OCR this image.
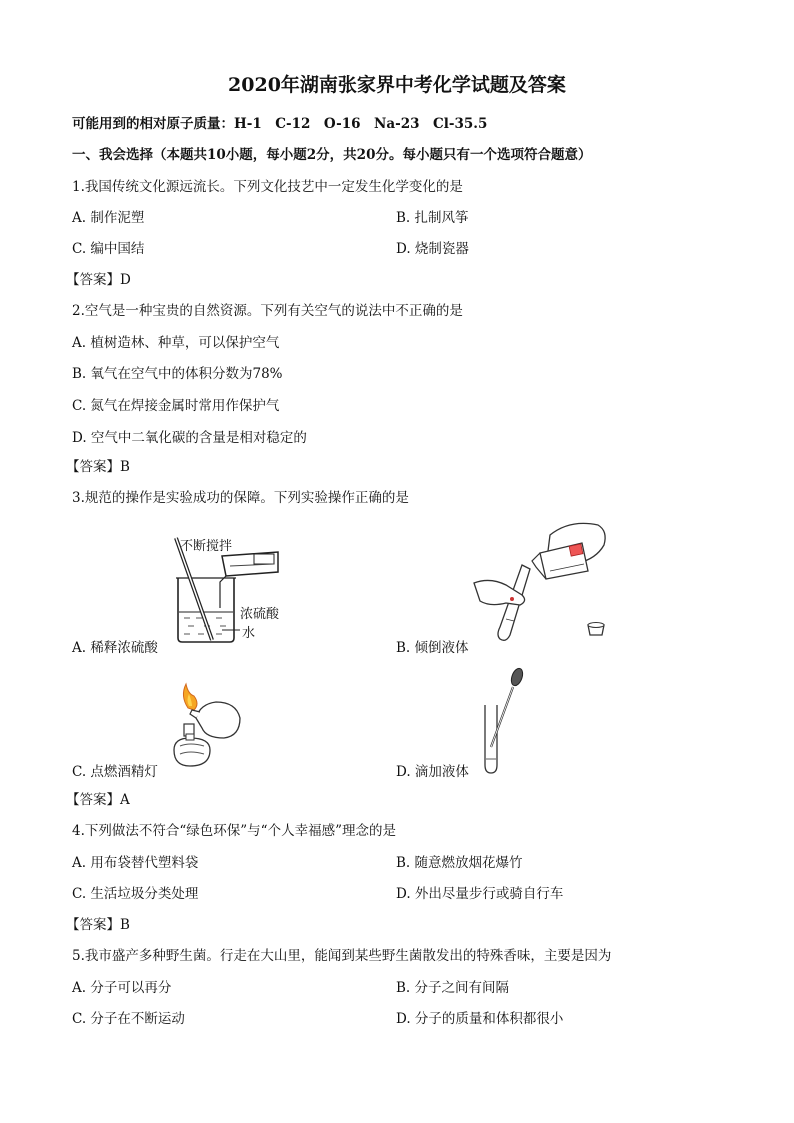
2020年湖南张家界中考化学试题及答案
可能用到的相对原子质量：H-1　C-12　O-16　Na-23　Cl-35.5
一、我会选择（本题共10小题，每小题2分，共20分。每小题只有一个选项符合题意）
1.我国传统文化源远流长。下列文化技艺中一定发生化学变化的是
A. 制作泥塑	B. 扎制风筝
C. 编中国结	D. 烧制瓷器
【答案】D
2.空气是一种宝贵的自然资源。下列有关空气的说法中不正确的是
A. 植树造林、种草，可以保护空气
B. 氧气在空气中的体积分数为78%
C. 氮气在焊接金属时常用作保护气
D. 空气中二氧化碳的含量是相对稳定的
【答案】B
3.规范的操作是实验成功的保障。下列实验操作正确的是
不断搅拌
浓硫酸
水
A. 稀释浓硫酸	B. 倾倒液体
C. 点燃酒精灯	D. 滴加液体
【答案】A
4.下列做法不符合“绿色环保”与“个人幸福感”理念的是
A. 用布袋替代塑料袋	B. 随意燃放烟花爆竹
C. 生活垃圾分类处理	D. 外出尽量步行或骑自行车
【答案】B
5.我市盛产多种野生菌。行走在大山里，能闻到某些野生菌散发出的特殊香味，主要是因为
A. 分子可以再分	B. 分子之间有间隔
C. 分子在不断运动	D. 分子的质量和体积都很小
